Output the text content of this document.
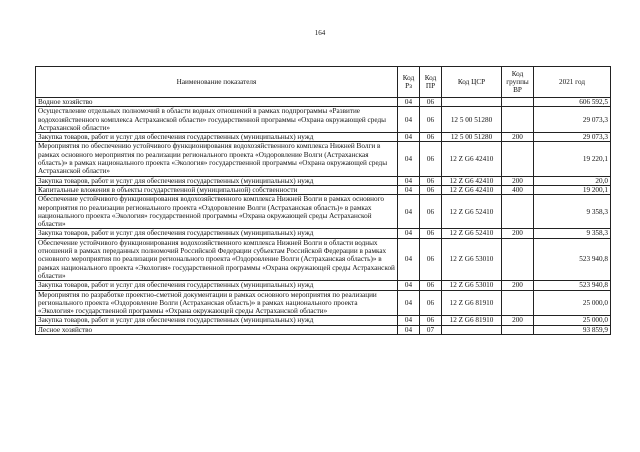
164
Наименование показателя	Код Рз	Код ПР	Код ЦСР	Код группы ВР	2021 год
Водное хозяйство	04	06			606 592,5
Осуществление отдельных полномочий в области водных отношений в рамках подпрограммы «Развитие водохозяйственного комплекса Астраханской области» государственной программы «Охрана окружающей среды Астраханской области»	04	06	12 5 00 51280		29 073,3
Закупка товаров, работ и услуг для обеспечения государственных (муниципальных) нужд	04	06	12 5 00 51280	200	29 073,3
Мероприятия по обеспечению устойчивого функционирования водохозяйственного комплекса Нижней Волги в рамках основного мероприятия по реализации регионального проекта «Оздоровление Волги (Астраханская область)» в рамках национального проекта «Экология» государственной программы «Охрана окружающей среды Астраханской области»	04	06	12 Z G6 42410		19 220,1
Закупка товаров, работ и услуг для обеспечения государственных (муниципальных) нужд	04	06	12 Z G6 42410	200	20,0
Капитальные вложения в объекты государственной (муниципальной) собственности	04	06	12 Z G6 42410	400	19 200,1
Обеспечение устойчивого функционирования водохозяйственного комплекса Нижней Волги в рамках основного мероприятия по реализации регионального проекта «Оздоровление Волги (Астраханская область)» в рамках национального проекта «Экология» государственной программы «Охрана окружающей среды Астраханской области»	04	06	12 Z G6 52410		9 358,3
Закупка товаров, работ и услуг для обеспечения государственных (муниципальных) нужд	04	06	12 Z G6 52410	200	9 358,3
Обеспечение устойчивого функционирования водохозяйственного комплекса Нижней Волги в области водных отношений в рамках переданных полномочий Российской Федерации субъектам Российской Федерации в рамках основного мероприятия по реализации регионального проекта «Оздоровление Волги (Астраханская область)» в рамках национального проекта «Экология» государственной программы «Охрана окружающей среды Астраханской области»	04	06	12 Z G6 53010		523 940,8
Закупка товаров, работ и услуг для обеспечения государственных (муниципальных) нужд	04	06	12 Z G6 53010	200	523 940,8
Мероприятия по разработке проектно-сметной документации в рамках основного мероприятия по реализации регионального проекта «Оздоровление Волги (Астраханская область)» в рамках национального проекта «Экология» государственной программы «Охрана окружающей среды Астраханской области»	04	06	12 Z G6 81910		25 000,0
Закупка товаров, работ и услуг для обеспечения государственных (муниципальных) нужд	04	06	12 Z G6 81910	200	25 000,0
Лесное хозяйство	04	07			93 859,9
